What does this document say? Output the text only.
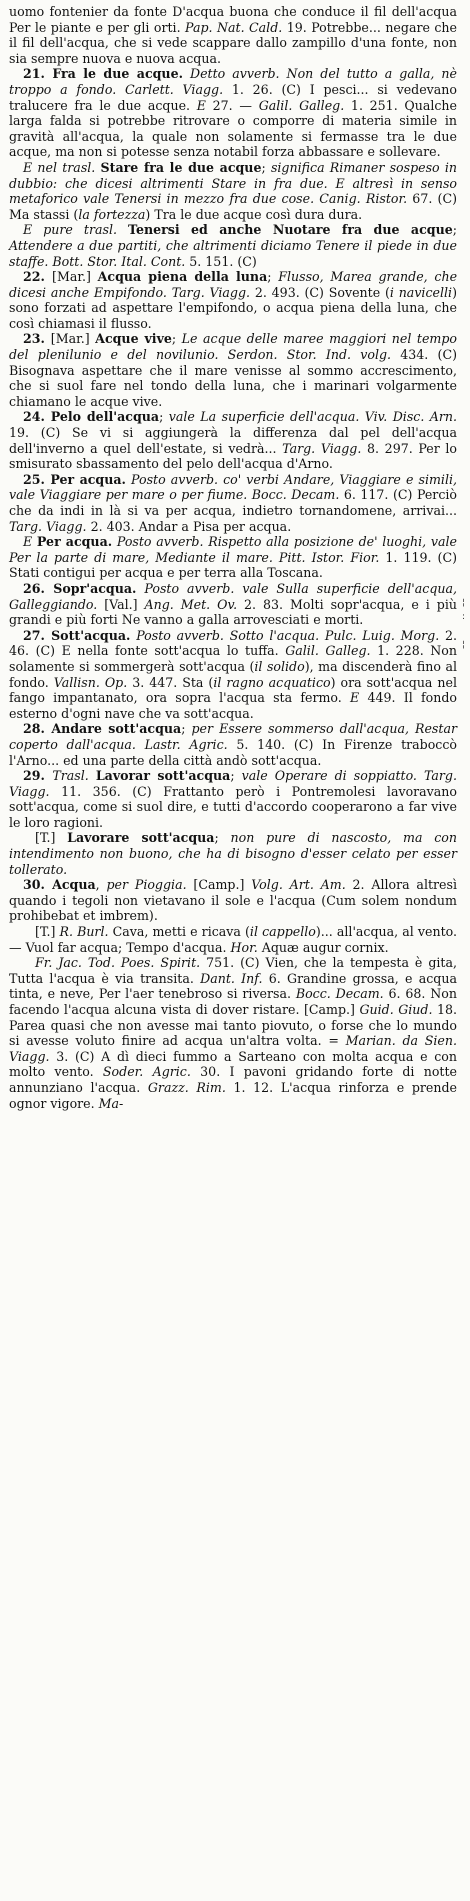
uomo fontenier da fonte D'acqua buona che conduce il fil dell'acqua Per le piante e per gli orti. Pap. Nat. Cald. 19. Potrebbe... negare che il fil dell'acqua, che si vede scappare dallo zampillo d'una fonte, non sia sempre nuova e nuova acqua.

21. Fra le due acque. Detto avverb. Non del tutto a galla, nè troppo a fondo. Carlett. Viagg. 1. 26. (C) I pesci... si vedevano tralucere fra le due acque. E 27. — Galil. Galleg. 1. 251. Qualche larga falda si potrebbe ritrovare o comporre di materia simile in gravità all'acqua, la quale non solamente si fermasse tra le due acque, ma non si potesse senza notabil forza abbassare e sollevare.

E nel trasl. Stare fra le due acque; significa Rimaner sospeso in dubbio: che dicesi altrimenti Stare in fra due. E altresì in senso metaforico vale Tenersi in mezzo fra due cose. Canig. Ristor. 67. (C) Ma stassi (la fortezza) Tra le due acque così dura dura.

E pure trasl. Tenersi ed anche Nuotare fra due acque; Attendere a due partiti, che altrimenti diciamo Tenere il piede in due staffe. Bott. Stor. Ital. Cont. 5. 151. (C)

22. [Mar.] Acqua piena della luna; Flusso, Marea grande, che dicesi anche Empifondo. Targ. Viagg. 2. 493. (C) Sovente (i navicelli) sono forzati ad aspettare l'empifondo, o acqua piena della luna, che così chiamasi il flusso.

23. [Mar.] Acque vive; Le acque delle maree maggiori nel tempo del plenilunio e del novilunio. Serdon. Stor. Ind. volg. 434. (C) Bisognava aspettare che il mare venisse al sommo accrescimento, che si suol fare nel tondo della luna, che i marinari volgarmente chiamano le acque vive.

24. Pelo dell'acqua; vale La superficie dell'acqua. Viv. Disc. Arn. 19. (C) Se vi si aggiungerà la differenza dal pel dell'acqua dell'inverno a quel dell'estate, si vedrà... Targ. Viagg. 8. 297. Per lo smisurato sbassamento del pelo dell'acqua d'Arno.

25. Per acqua. Posto avverb. co' verbi Andare, Viaggiare e simili, vale Viaggiare per mare o per fiume. Bocc. Decam. 6. 117. (C) Perciò che da indi in là si va per acqua, indietro tornandomene, arrivai... Targ. Viagg. 2. 403. Andar a Pisa per acqua.

E Per acqua. Posto avverb. Rispetto alla posizione de' luoghi, vale Per la parte di mare, Mediante il mare. Pitt. Istor. Fior. 1. 119. (C) Stati contigui per acqua e per terra alla Toscana.

26. Sopr'acqua. Posto avverb. vale Sulla superficie dell'acqua, Galleggiando. [Val.] Ang. Met. Ov. 2. 83. Molti sopr'acqua, e i più grandi e più forti Ne vanno a galla arrovesciati e morti.

27. Sott'acqua. Posto avverb. Sotto l'acqua. Pulc. Luig. Morg. 2. 46. (C) E nella fonte sott'acqua lo tuffa. Galil. Galleg. 1. 228. Non solamente si sommergerà sott'acqua (il solido), ma discenderà fino al fondo. Vallisn. Op. 3. 447. Sta (il ragno acquatico) ora sott'acqua nel fango impantanato, ora sopra l'acqua sta fermo. E 449. Il fondo esterno d'ogni nave che va sott'acqua.

28. Andare sott'acqua; per Essere sommerso dall'acqua, Restar coperto dall'acqua. Lastr. Agric. 5. 140. (C) In Firenze traboccò l'Arno... ed una parte della città andò sott'acqua.

29. Trasl. Lavorar sott'acqua; vale Operare di soppiatto. Targ. Viagg. 11. 356. (C) Frattanto però i Pontremolesi lavoravano sott'acqua, come si suol dire, e tutti d'accordo cooperarono a far vive le loro ragioni.

[T.] Lavorare sott'acqua; non pure di nascosto, ma con intendimento non buono, che ha di bisogno d'esser celato per esser tollerato.

30. Acqua, per Pioggia. [Camp.] Volg. Art. Am. 2. Allora altresì quando i tegoli non vietavano il sole e l'acqua (Cum solem nondum prohibebat et imbrem).

[T.] R. Burl. Cava, metti e ricava (il cappello)... all'acqua, al vento. — Vuol far acqua; Tempo d'acqua. Hor. Aquæ augur cornix.

Fr. Jac. Tod. Poes. Spirit. 751. (C) Vien, che la tempesta è gita, Tutta l'acqua è via transita. Dant. Inf. 6. Grandine grossa, e acqua tinta, e neve, Per l'aer tenebroso si riversa. Bocc. Decam. 6. 68. Non facendo l'acqua alcuna vista di dover ristare. [Camp.] Guid. Giud. 18. Parea quasi che non avesse mai tanto piovuto, o forse che lo mundo si avesse voluto finire ad acqua un'altra volta. = Marian. da Sien. Viagg. 3. (C) A dì dieci fummo a Sarteano con molta acqua e con molto vento. Soder. Agric. 30. I pavoni gridando forte di notte annunziano l'acqua. Grazz. Rim. 1. 12. L'acqua rinforza e prende ognor vigore. Ma-

¦
:
¦
